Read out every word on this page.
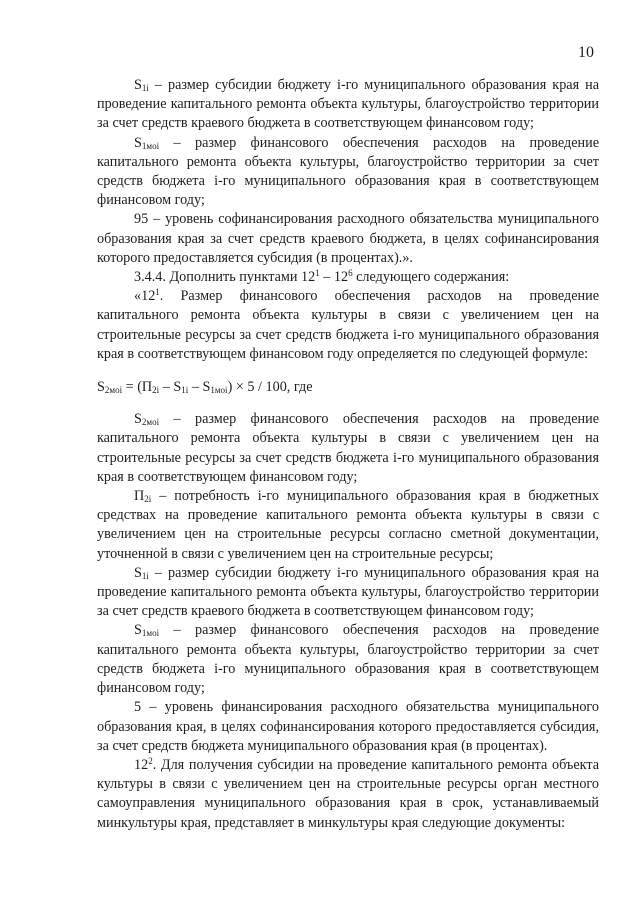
10

$S_{1i}$ – размер субсидии бюджету i-го муниципального образования края на проведение капитального ремонта объекта культуры, благоустройство территории за счет средств краевого бюджета в соответствующем финансовом году;

$S_{1мoi}$ – размер финансового обеспечения расходов на проведение капитального ремонта объекта культуры, благоустройство территории за счет средств бюджета i-го муниципального образования края в соответствующем финансовом году;

95 – уровень софинансирования расходного обязательства муниципального образования края за счет средств краевого бюджета, в целях софинансирования которого предоставляется субсидия (в процентах).».

3.4.4. Дополнить пунктами $12^1 - 12^6$ следующего содержания:

«$12^1$. Размер финансового обеспечения расходов на проведение капитального ремонта объекта культуры в связи с увеличением цен на строительные ресурсы за счет средств бюджета i-го муниципального образования края в соответствующем финансовом году определяется по следующей формуле:

$S_{2мoi} = (П_{2i} - S_{1i} - S_{1мoi}) \times 5 / 100$, где

$S_{2мoi}$ – размер финансового обеспечения расходов на проведение капитального ремонта объекта культуры в связи с увеличением цен на строительные ресурсы за счет средств бюджета i-го муниципального образования края в соответствующем финансовом году;

$П_{2i}$ – потребность i-го муниципального образования края в бюджетных средствах на проведение капитального ремонта объекта культуры в связи с увеличением цен на строительные ресурсы согласно сметной документации, уточненной в связи с увеличением цен на строительные ресурсы;

$S_{1i}$ – размер субсидии бюджету i-го муниципального образования края на проведение капитального ремонта объекта культуры, благоустройство территории за счет средств краевого бюджета в соответствующем финансовом году;

$S_{1мoi}$ – размер финансового обеспечения расходов на проведение капитального ремонта объекта культуры, благоустройство территории за счет средств бюджета i-го муниципального образования края в соответствующем финансовом году;

5 – уровень финансирования расходного обязательства муниципального образования края, в целях софинансирования которого предоставляется субсидия, за счет средств бюджета муниципального образования края (в процентах).

$12^2$. Для получения субсидии на проведение капитального ремонта объекта культуры в связи с увеличением цен на строительные ресурсы орган местного самоуправления муниципального образования края в срок, устанавливаемый минкультуры края, представляет в минкультуры края следующие документы:
